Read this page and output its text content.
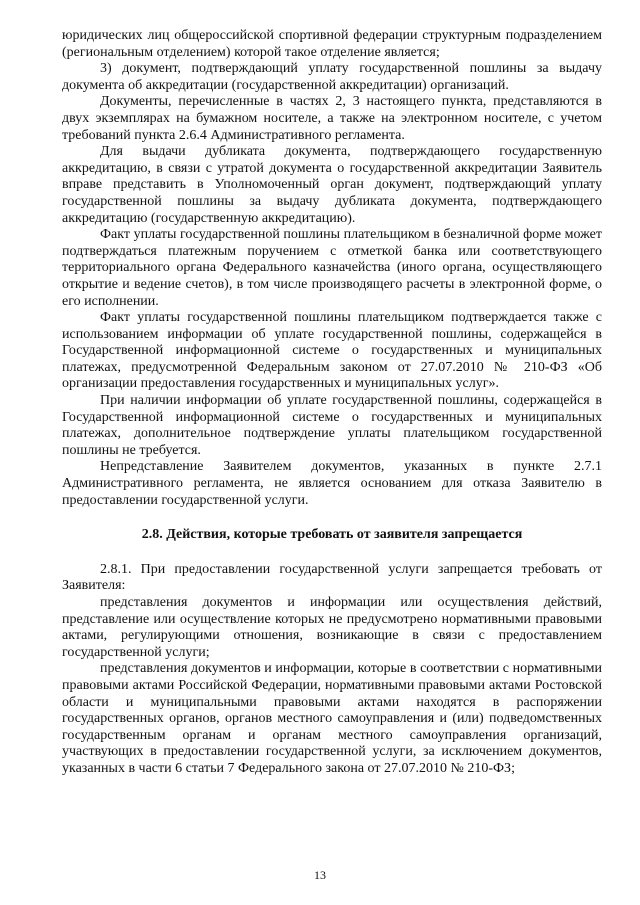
юридических лиц общероссийской спортивной федерации структурным подразделением (региональным отделением) которой такое отделение является;

3) документ, подтверждающий уплату государственной пошлины за выдачу документа об аккредитации (государственной аккредитации) организаций.

Документы, перечисленные в частях 2, 3 настоящего пункта, представляются в двух экземплярах на бумажном носителе, а также на электронном носителе, с учетом требований пункта 2.6.4 Административного регламента.

Для выдачи дубликата документа, подтверждающего государственную аккредитацию, в связи с утратой документа о государственной аккредитации Заявитель вправе представить в Уполномоченный орган документ, подтверждающий уплату государственной пошлины за выдачу дубликата документа, подтверждающего аккредитацию (государственную аккредитацию).

Факт уплаты государственной пошлины плательщиком в безналичной форме может подтверждаться платежным поручением с отметкой банка или соответствующего территориального органа Федерального казначейства (иного органа, осуществляющего открытие и ведение счетов), в том числе производящего расчеты в электронной форме, о его исполнении.

Факт уплаты государственной пошлины плательщиком подтверждается также с использованием информации об уплате государственной пошлины, содержащейся в Государственной информационной системе о государственных и муниципальных платежах, предусмотренной Федеральным законом от 27.07.2010 № 210-ФЗ «Об организации предоставления государственных и муниципальных услуг».

При наличии информации об уплате государственной пошлины, содержащейся в Государственной информационной системе о государственных и муниципальных платежах, дополнительное подтверждение уплаты плательщиком государственной пошлины не требуется.

Непредставление Заявителем документов, указанных в пункте 2.7.1 Административного регламента, не является основанием для отказа Заявителю в предоставлении государственной услуги.

2.8. Действия, которые требовать от заявителя запрещается

2.8.1. При предоставлении государственной услуги запрещается требовать от Заявителя:

представления документов и информации или осуществления действий, представление или осуществление которых не предусмотрено нормативными правовыми актами, регулирующими отношения, возникающие в связи с предоставлением государственной услуги;

представления документов и информации, которые в соответствии с нормативными правовыми актами Российской Федерации, нормативными правовыми актами Ростовской области и муниципальными правовыми актами находятся в распоряжении государственных органов, органов местного самоуправления и (или) подведомственных государственным органам и органам местного самоуправления организаций, участвующих в предоставлении государственной услуги, за исключением документов, указанных в части 6 статьи 7 Федерального закона от 27.07.2010 № 210-ФЗ;

13
